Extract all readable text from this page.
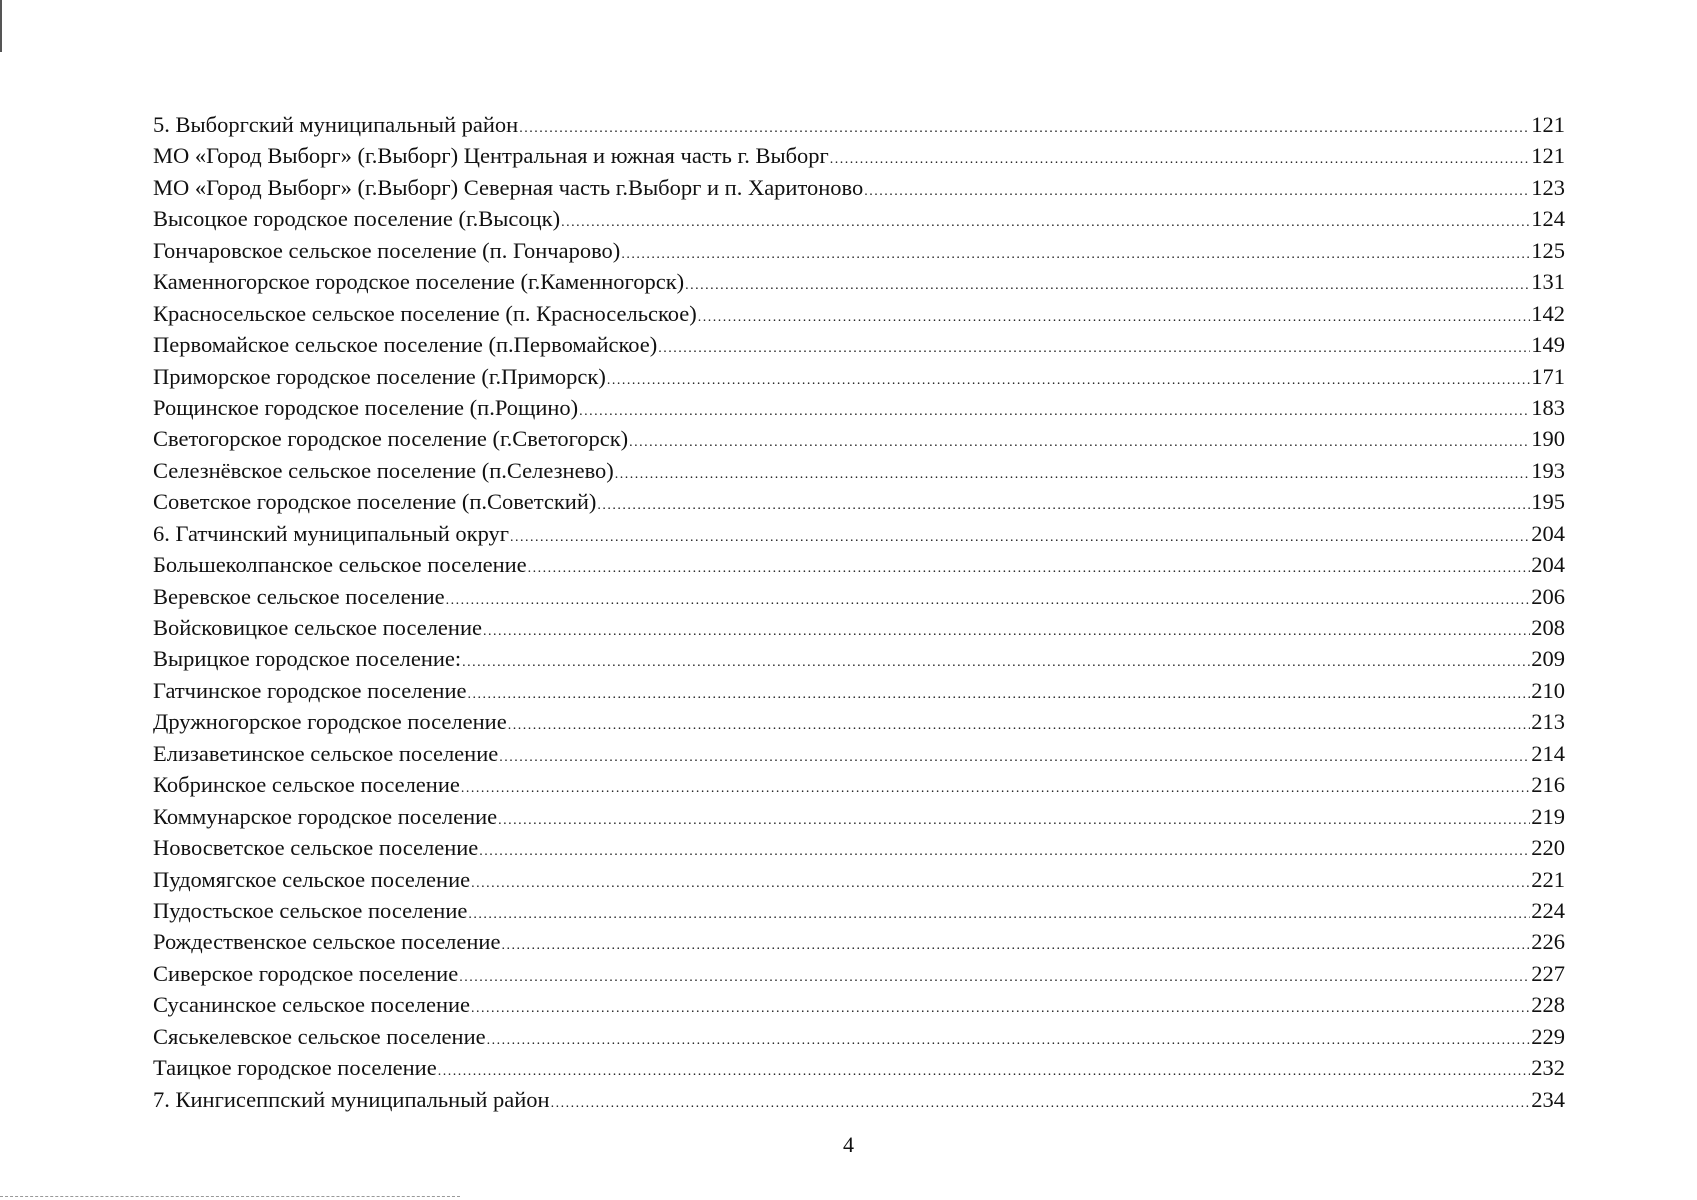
5. Выборгский муниципальный район .....	121
МО «Город Выборг» (г.Выборг) Центральная и южная часть г. Выборг .....	121
МО «Город Выборг» (г.Выборг) Северная часть г.Выборг и п. Харитоново .....	123
Высоцкое городское поселение (г.Высоцк) .....	124
Гончаровское сельское поселение (п. Гончарово) .....	125
Каменногорское городское поселение (г.Каменногорск) .....	131
Красносельское сельское поселение (п. Красносельское) .....	142
Первомайское сельское поселение (п.Первомайское) .....	149
Приморское городское поселение (г.Приморск) .....	171
Рощинское городское поселение (п.Рощино) .....	183
Светогорское городское поселение (г.Светогорск) .....	190
Селезнёвское сельское поселение (п.Селезнево) .....	193
Советское городское поселение (п.Советский) .....	195
6. Гатчинский муниципальный округ .....	204
Большеколпанское сельское поселение .....	204
Веревское сельское поселение .....	206
Войсковицкое сельское поселение .....	208
Вырицкое городское поселение: .....	209
Гатчинское городское поселение .....	210
Дружногорское городское поселение .....	213
Елизаветинское сельское поселение .....	214
Кобринское сельское поселение .....	216
Коммунарское городское поселение .....	219
Новосветское сельское поселение .....	220
Пудомягское сельское поселение .....	221
Пудостьское сельское поселение .....	224
Рождественское сельское поселение .....	226
Сиверское городское поселение .....	227
Сусанинское сельское поселение .....	228
Сяськелевское сельское поселение .....	229
Таицкое городское поселение .....	232
7. Кингисеппский муниципальный район .....	234
4
